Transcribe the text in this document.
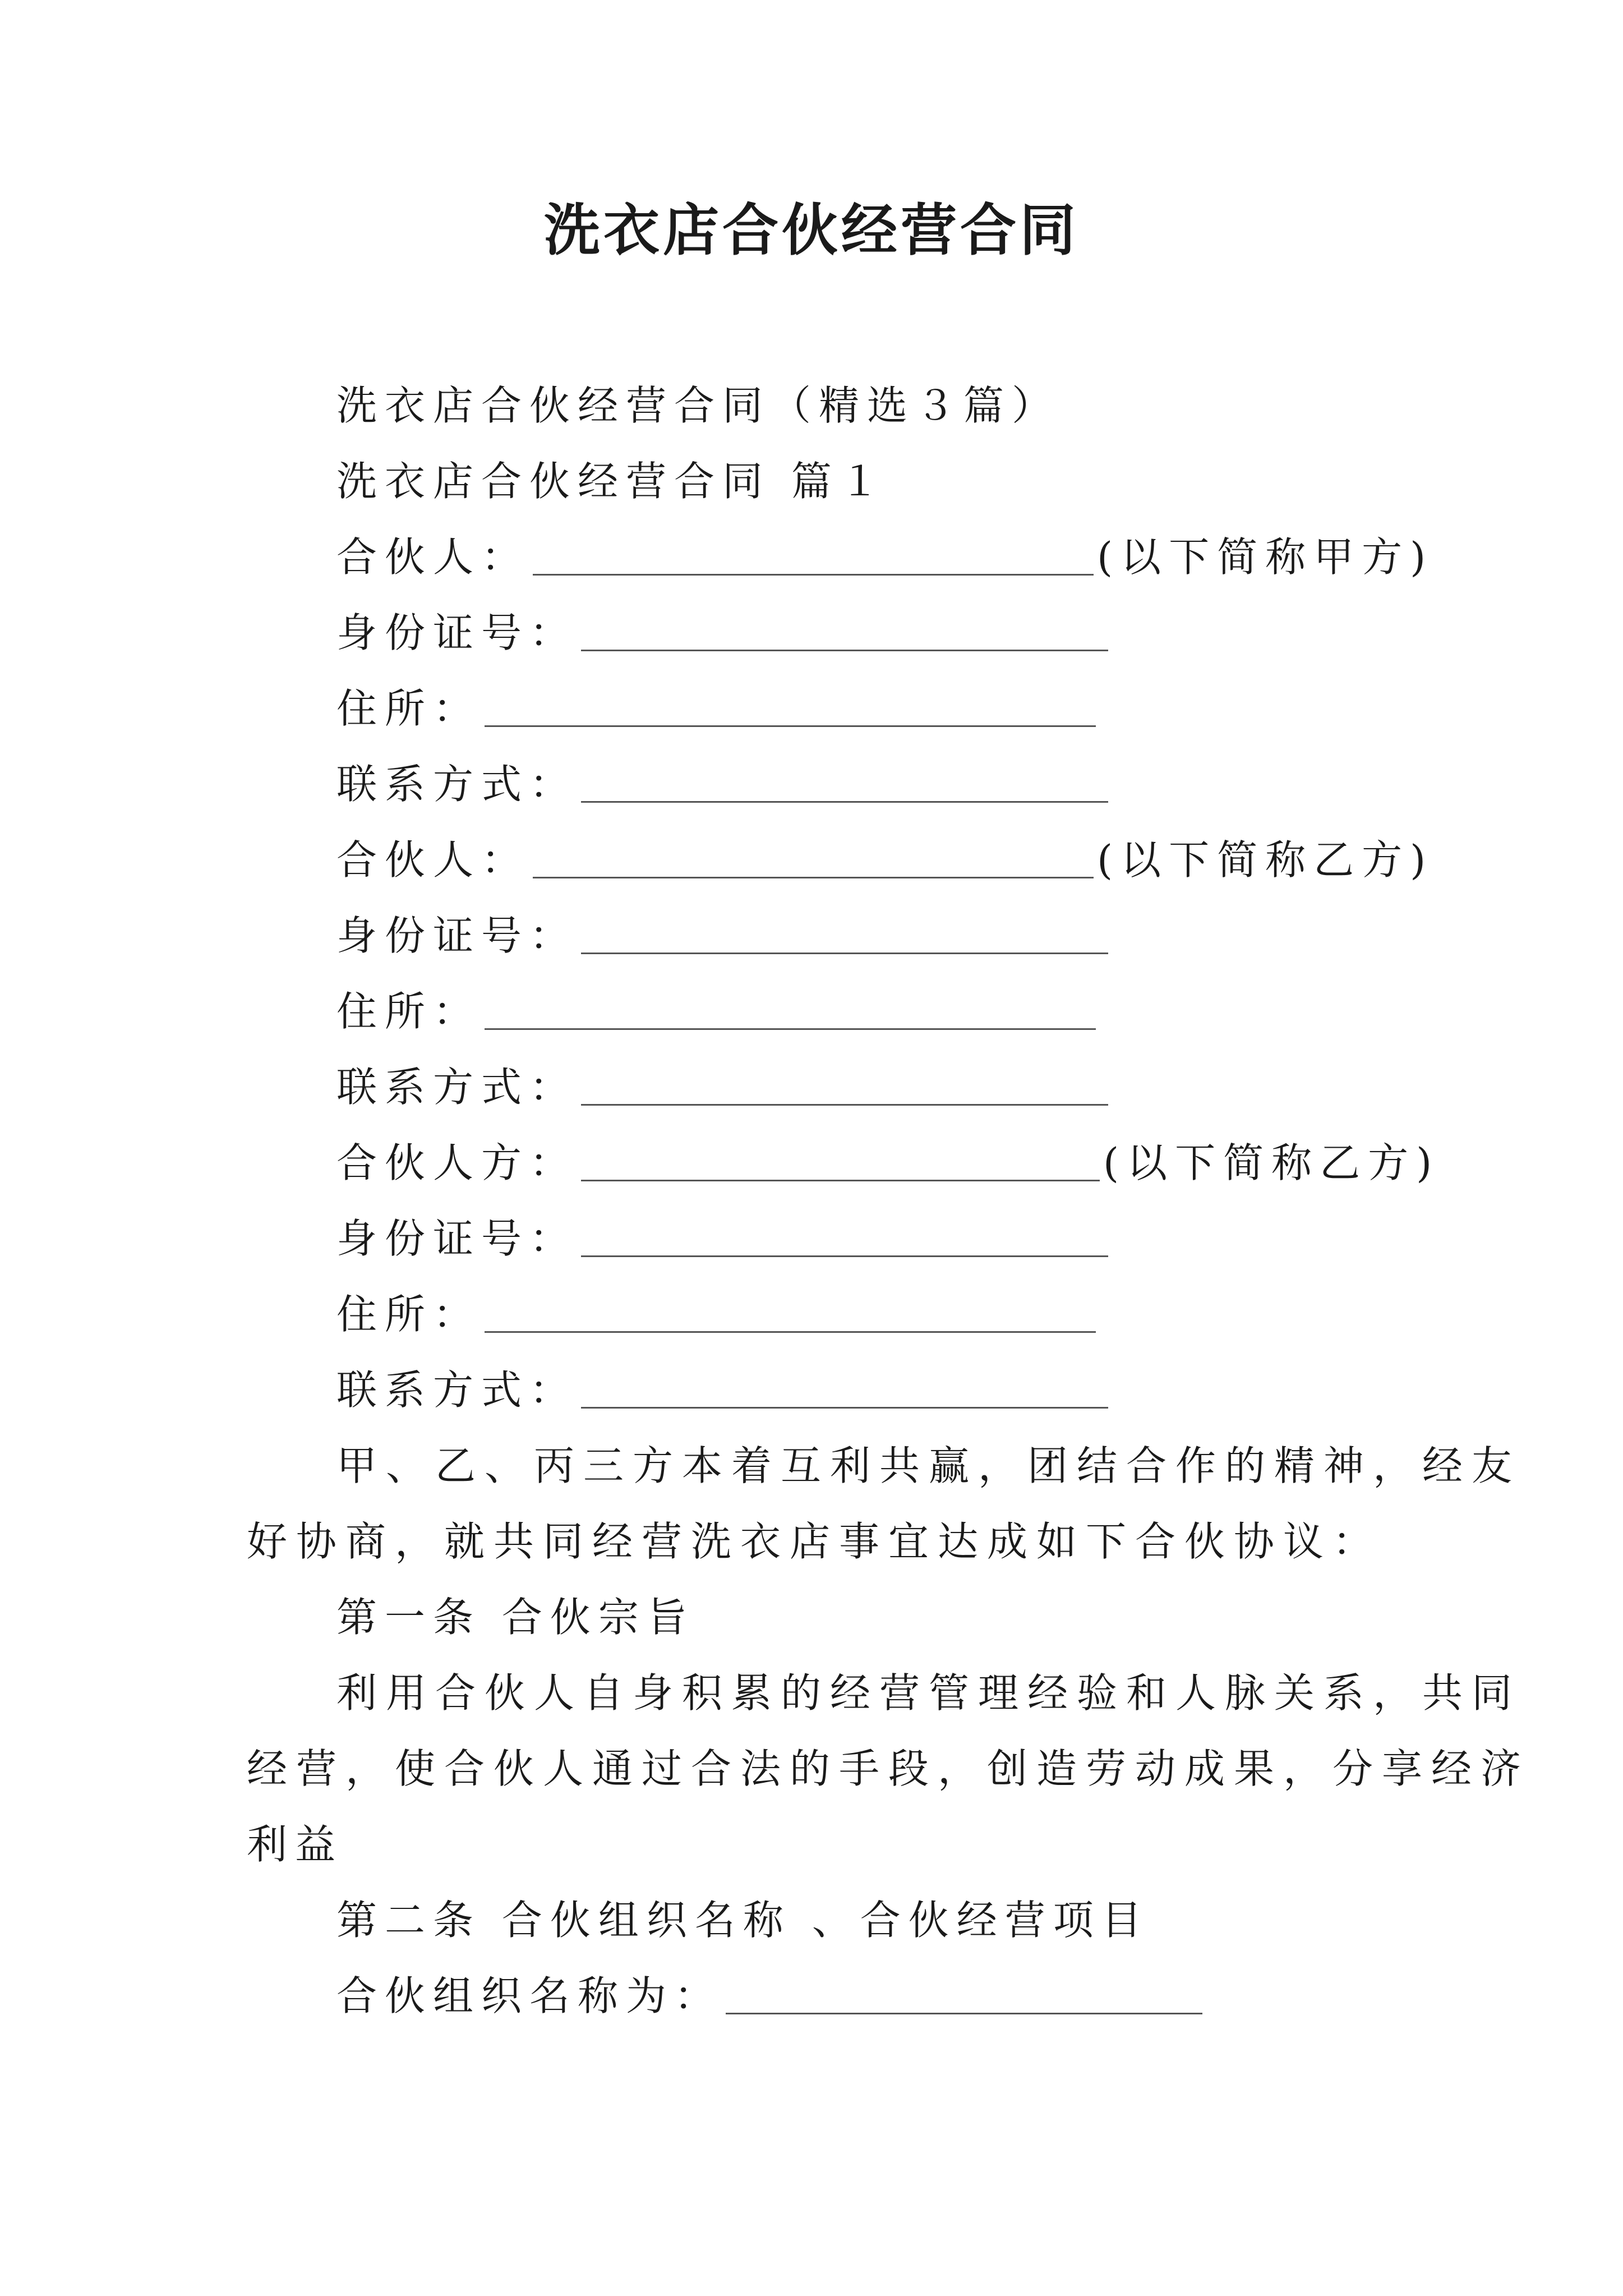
洗衣店合伙经营合同
洗衣店合伙经营合同（精选３篇）
洗衣店合伙经营合同 篇１
合伙人：	(以下简称甲方)
身份证号：
住所：
联系方式：
合伙人：	(以下简称乙方)
身份证号：
住所：
联系方式：
合伙人方：	(以下简称乙方)
身份证号：
住所：
联系方式：
甲、乙、丙三方本着互利共赢，团结合作的精神，经友
好协商，就共同经营洗衣店事宜达成如下合伙协议：
第一条 合伙宗旨
利用合伙人自身积累的经营管理经验和人脉关系，共同
经营，使合伙人通过合法的手段，创造劳动成果，分享经济
利益
第二条 合伙组织名称 、合伙经营项目
合伙组织名称为：
